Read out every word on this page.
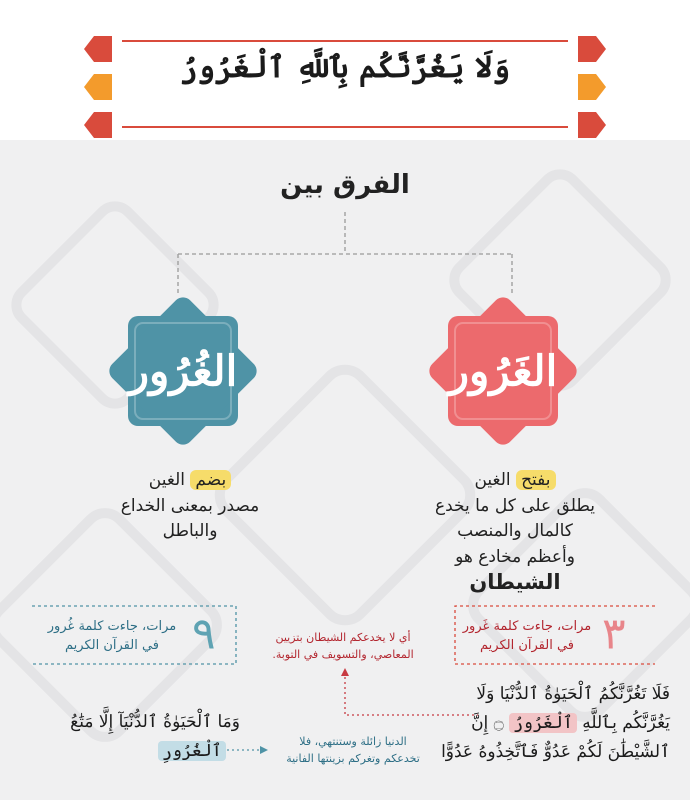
وَلَا يَغُرَّنَّكُم بِٱللَّهِ ٱلْغَرُورُ
الفرق بين
الغَرُور
الغُرُور
بفتح الغين
يطلق على كل ما يخدع
كالمال والمنصب
وأعظم مخادع هو
الشيطان
بضم الغين
مصدر بمعنى الخداع
والباطل
٣
مرات، جاءت كلمة غَرور
في القرآن الكريم
٩
مرات، جاءت كلمة غُرور
في القرآن الكريم
أي لا يخدعكم الشيطان بتزيين
المعاصي، والتسويف في التوبة.
فَلَا تَغُرَّنَّكُمُ ٱلْحَيَوٰةُ ٱلدُّنْيَا وَلَا
يَغُرَّنَّكُم بِٱللَّهِ ٱلْغَرُورُ ۝ إِنَّ
ٱلشَّيْطَٰنَ لَكُمْ عَدُوٌّ فَٱتَّخِذُوهُ عَدُوًّا
وَمَا ٱلْحَيَوٰةُ ٱلدُّنْيَآ إِلَّا مَتَٰعُ
ٱلْغُرُورِ	الدنيا زائلة وستنتهي، فلا
تخدعكم وتغركم بزينتها الفانية
